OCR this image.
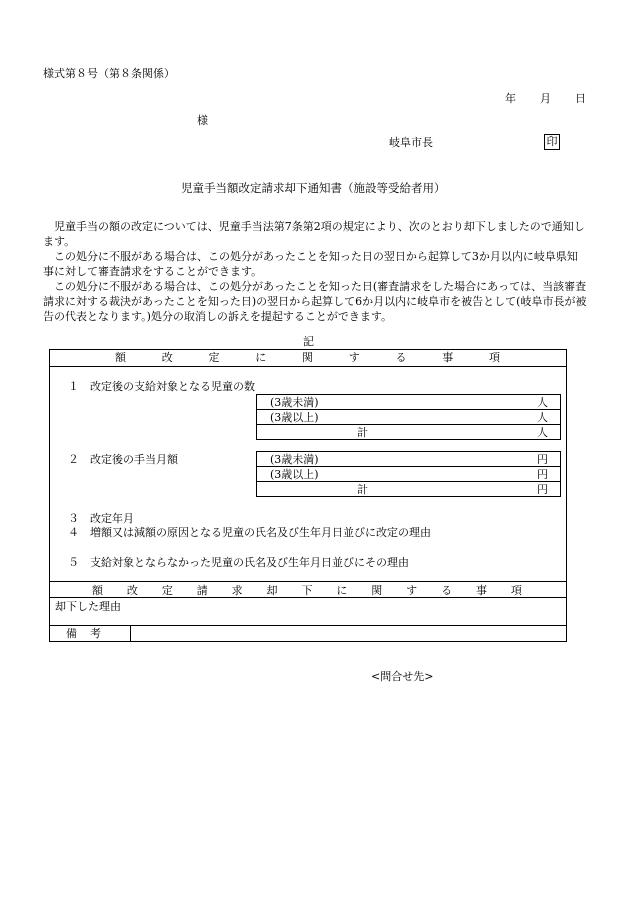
様式第８号（第８条関係）
年 月 日
様
岐阜市長	印
児童手当額改定請求却下通知書（施設等受給者用）

　児童手当の額の改定については、児童手当法第7条第2項の規定により、次のとおり却下しましたので通知します。

　この処分に不服がある場合は、この処分があったことを知った日の翌日から起算して3か月以内に岐阜県知事に対して審査請求をすることができます。

　この処分に不服がある場合は、この処分があったことを知った日(審査請求をした場合にあっては、当該審査請求に対する裁決があったことを知った日)の翌日から起算して6か月以内に岐阜市を被告として(岐阜市長が被告の代表となります。)処分の取消しの訴えを提起することができます。

記
額	改	定	に	関	す	る	事	項
１　改定後の支給対象となる児童の数
(3歳未満)	人

(3歳以上)	人

計	人
２　改定後の手当月額	(3歳未満)	円

(3歳以上)	円

計	円
３　改定年月
４　増額又は減額の原因となる児童の氏名及び生年月日並びに改定の理由
５　支給対象とならなかった児童の氏名及び生年月日並びにその理由
額 改 定 請 求 却 下 に 関 す る 事 項
却下した理由
備 考
<問合せ先>
